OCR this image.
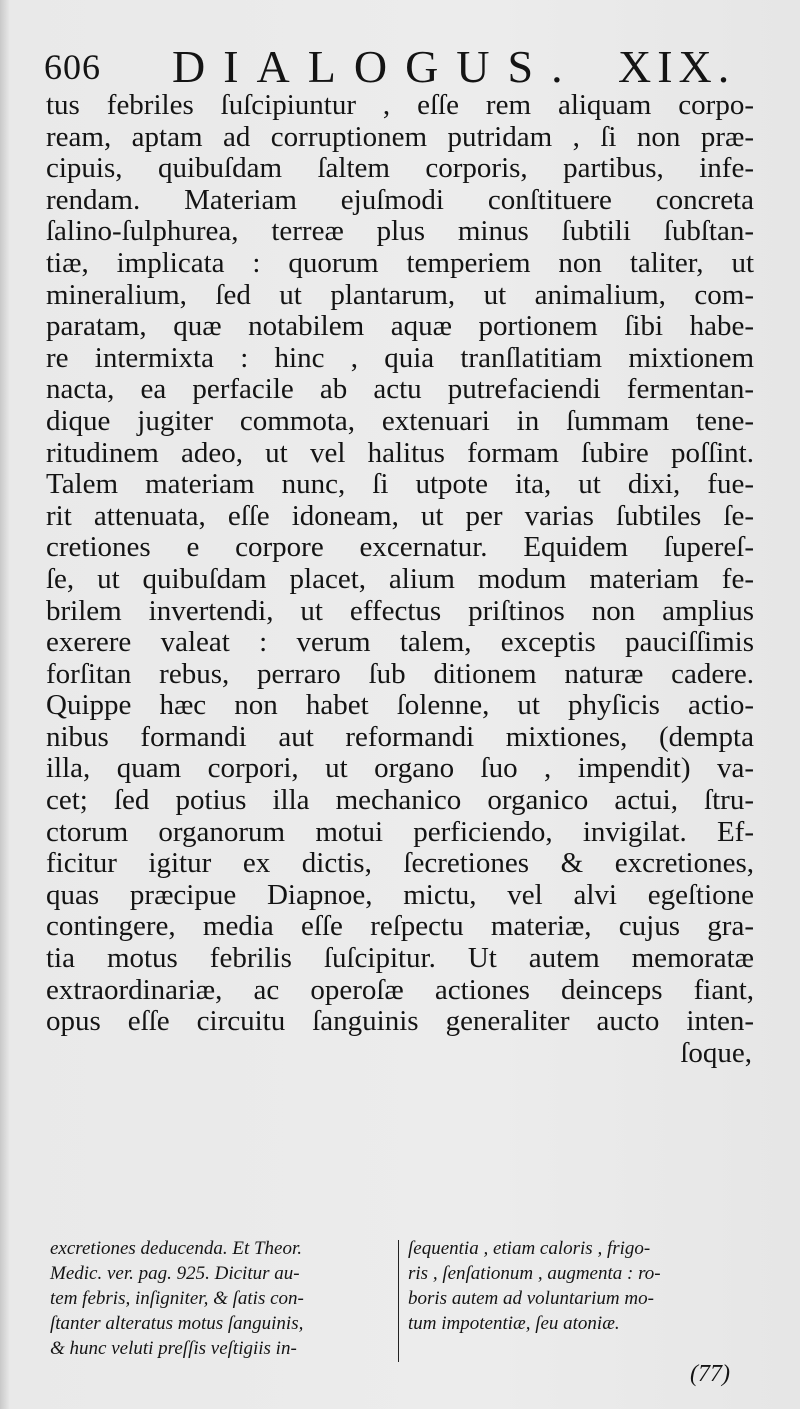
606 DIALOGUS. XIX.
tus febriles ſuſcipiuntur , eſſe rem aliquam corpo-
ream, aptam ad corruptionem putridam , ſi non præ-
cipuis, quibuſdam ſaltem corporis, partibus, infe-
rendam. Materiam ejuſmodi conſtituere concreta
ſalino-ſulphurea, terreæ plus minus ſubtili ſubſtan-
tiæ, implicata : quorum temperiem non taliter, ut
mineralium, ſed ut plantarum, ut animalium, com-
paratam, quæ notabilem aquæ portionem ſibi habe-
re intermixta : hinc , quia tranſlatitiam mixtionem
nacta, ea perfacile ab actu putrefaciendi fermentan-
dique jugiter commota, extenuari in ſummam tene-
ritudinem adeo, ut vel halitus formam ſubire poſſint.
Talem materiam nunc, ſi utpote ita, ut dixi, fue-
rit attenuata, eſſe idoneam, ut per varias ſubtiles ſe-
cretiones e corpore excernatur. Equidem ſupereſ-
ſe, ut quibuſdam placet, alium modum materiam fe-
brilem invertendi, ut effectus priſtinos non amplius
exerere valeat : verum talem, exceptis pauciſſimis
forſitan rebus, perraro ſub ditionem naturæ cadere.
Quippe hæc non habet ſolenne, ut phyſicis actio-
nibus formandi aut reformandi mixtiones, (dempta
illa, quam corpori, ut organo ſuo , impendit) va-
cet; ſed potius illa mechanico organico actui, ſtru-
ctorum organorum motui perficiendo, invigilat. Ef-
ficitur igitur ex dictis, ſecretiones & excretiones,
quas præcipue Diapnoe, mictu, vel alvi egeſtione
contingere, media eſſe reſpectu materiæ, cujus gra-
tia motus febrilis ſuſcipitur. Ut autem memoratæ
extraordinariæ, ac operoſæ actiones deinceps fiant,
opus eſſe circuitu ſanguinis generaliter aucto inten-
ſoque,
excretiones deducenda. Et Theor.
Medic. ver. pag. 925. Dicitur au-
tem febris, inſigniter, & ſatis con-
ſtanter alteratus motus ſanguinis,
& hunc veluti preſſis veſtigiis in-
ſequentia , etiam caloris , frigo-
ris , ſenſationum , augmenta : ro-
boris autem ad voluntarium mo-
tum impotentiæ, ſeu atoniæ.
(77)
